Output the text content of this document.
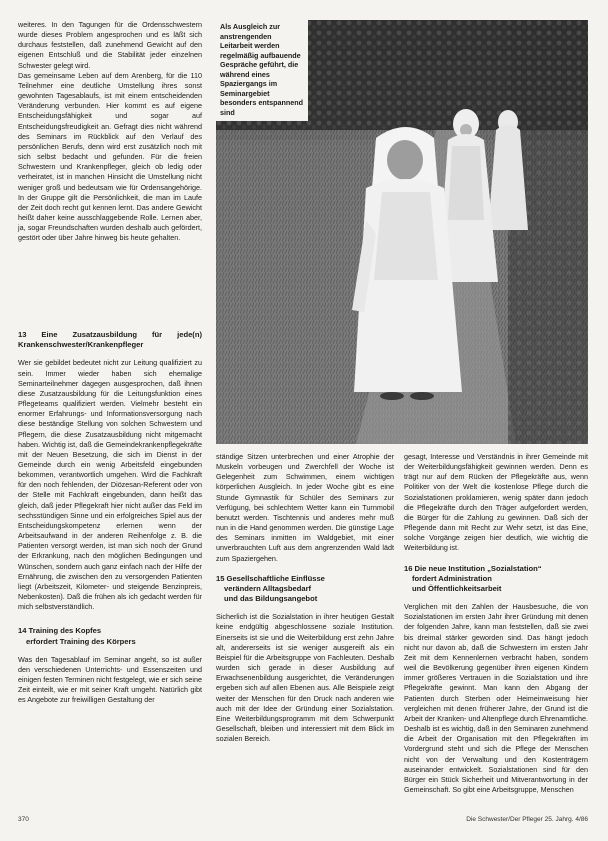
weiteres. In den Tagungen für die Ordensschwestern wurde dieses Problem angesprochen und es läßt sich durchaus feststellen, daß zunehmend Gewicht auf den eigenen Entschluß und die Stabilität jeder einzelnen Schwester gelegt wird.

Das gemeinsame Leben auf dem Arenberg, für die 110 Teilnehmer eine deutliche Umstellung ihres sonst gewohnten Tagesablaufs, ist mit einem entscheidenden Veränderung verbunden. Hier kommt es auf eigene Entscheidungsfähigkeit und sogar auf Entscheidungsfreudigkeit an. Gefragt dies nicht während des Seminars im Rückblick auf den Verlauf des persönlichen Berufs, denn wird erst zusätzlich noch mit sich selbst bedacht und gefunden. Für die freien Schwestern und Krankenpfleger, gleich ob ledig oder verheiratet, ist in manchen Hinsicht die Umstellung nicht weniger groß und bedeutsam wie für Ordensangehörige. In der Gruppe gilt die Persönlichkeit, die man im Laufe der Zeit doch recht gut kennen lernt. Das andere Gewicht heißt daher keine ausschlaggebende Rolle. Lernen aber, ja, sogar Freundschaften wurden deshalb auch gefördert, gestört oder über Jahre hinweg bis heute gehalten.

13 Eine Zusatzausbildung für jede(n) Krankenschwester/Krankenpfleger

Wer sie gebildet bedeutet nicht zur Leitung qualifiziert zu sein. Immer wieder haben sich ehemalige Seminarteilnehmer dagegen ausgesprochen, daß ihnen diese Zusatzausbildung für die Leitungsfunktion eines Pflegeteams qualifiziert werden. Vielmehr besteht ein enormer Erfahrungs- und Informationsversorgung nach diese beständige Stellung von solchen Schwestern und Pflegern, die diese Zusatzausbildung nicht mitgemacht haben. Wichtig ist, daß die Gemeindekrankenpflegekräfte mit der Neuen Besetzung, die sich im Dienst in der Gemeinde durch ein wenig Arbeitsfeld eingebunden bekommen, verantwortlich umgehen. Wird die Fachkraft für den noch fehlenden, der Diözesan-Referent oder von der Stelle mit Fachkraft eingebunden, dann heißt das gleich, daß jeder Pflegekraft hier nicht außer das Feld im sechsstündigen Sinne und ein erfolgreiches Spiel aus der Entscheidungskompetenz erlernen wenn der Arbeitsaufwand in der anderen Reihenfolge z. B. die Patienten versorgt werden, ist man sich noch der Grund der Erkrankung, nach den möglichen Bedingungen und Wünschen, sondern auch ganz einfach nach der Hilfe der Ernährung, die zwischen den zu versorgenden Patienten liegt (Arbeitszeit, Kilometer- und steigende Benzinpreis, Nebenkosten). Daß die frühen als ich gedacht werden für mich selbstverständlich.

14 Training des Kopfes
erfordert Training des Körpers

Was den Tagesablauf im Seminar angeht, so ist außer den verschiedenen Unterrichts- und Essenszeiten und einigen festen Terminen nicht festgelegt, wie er sich seine Zeit einteilt, wie er mit seiner Kraft umgeht. Natürlich gibt es Angebote zur freiwilligen Gestaltung der

Als Ausgleich zur anstrengenden Leitarbeit werden regelmäßig aufbauende Gespräche geführt, die während eines Spaziergangs im Seminargebiet besonders entspannend sind

ständige Sitzen unterbrechen und einer Atrophie der Muskeln vorbeugen und Zwerchfell der Woche ist Gelegenheit zum Schwimmen, einem wichtigen körperlichen Ausgleich. In jeder Woche gibt es eine Stunde Gymnastik für Schüler des Seminars zur Verfügung, bei schlechtem Wetter kann ein Turnmobil benutzt werden. Tischtennis und anderes mehr muß nun in die Hand genommen werden. Die günstige Lage des Seminars inmitten im Waldgebiet, mit einer unverbrauchten Luft aus dem angrenzenden Wald lädt zum Spaziergehen.

15 Gesellschaftliche Einflüsse
verändern Alltagsbedarf
und das Bildungsangebot

Sicherlich ist die Sozialstation in ihrer heutigen Gestalt keine endgültig abgeschlossene soziale Institution. Einerseits ist sie und die Weiterbildung erst zehn Jahre alt, andererseits ist sie weniger ausgereift als ein Beispiel für die Arbeitsgruppe von Fachleuten. Deshalb wurden sich gerade in dieser Ausbildung auf Erwachsenenbildung ausgerichtet, die Veränderungen ergeben sich auf allen Ebenen aus. Alle Beispiele zeigt weiter der Menschen für den Druck nach anderen wie auch mit der Idee der Gründung einer Sozialstation. Eine Weiterbildungsprogramm mit dem Schwerpunkt Gesellschaft, bleiben und interessiert mit dem Blick im sozialen Bereich.

gesagt, Interesse und Verständnis in ihrer Gemeinde mit der Weiterbildungsfähigkeit gewinnen werden. Denn es trägt nur auf dem Rücken der Pflegekräfte aus, wenn Politiker von der Welt die kostenlose Pflege durch die Sozialstationen proklamieren, wenig später dann jedoch die Pflegekräfte durch den Träger aufgefordert werden, die Bürger für die Zahlung zu gewinnen. Daß sich der Pflegende dann mit Recht zur Wehr setzt, ist das Eine, solche Vorgänge zeigen hier deutlich, wie wichtig die Weiterbildung ist.

16 Die neue Institution „Sozialstation“
fordert Administration
und Öffentlichkeitsarbeit

Verglichen mit den Zahlen der Hausbesuche, die von Sozialstationen im ersten Jahr ihrer Gründung mit denen der folgenden Jahre, kann man feststellen, daß sie zwei bis dreimal stärker geworden sind. Das hängt jedoch nicht nur davon ab, daß die Schwestern im ersten Jahr Zeit mit dem Kennenlernen verbracht haben, sondern weil die Bevölkerung gegenüber ihren eigenen Kindern immer größeres Vertrauen in die Sozialstation und ihre Pflegekräfte gewinnt. Man kann den Abgang der Patienten durch Sterben oder Heimeinweisung hier vergleichen mit denen früherer Jahre, der Grund ist die Arbeit der Kranken- und Altenpflege durch Ehrenamtliche. Deshalb ist es wichtig, daß in den Seminaren zunehmend die Arbeit der Organisation mit den Pflegekräften im Vordergrund steht und sich die Pflege der Menschen nicht von der Verwaltung und den Kostenträgern auseinander entwickelt. Sozialstationen sind für den Bürger ein Stück Sicherheit und Mitverantwortung in der Gemeinschaft. So gibt eine Arbeitsgruppe, Menschen

370	Die Schwester/Der Pfleger 25. Jahrg. 4/86
